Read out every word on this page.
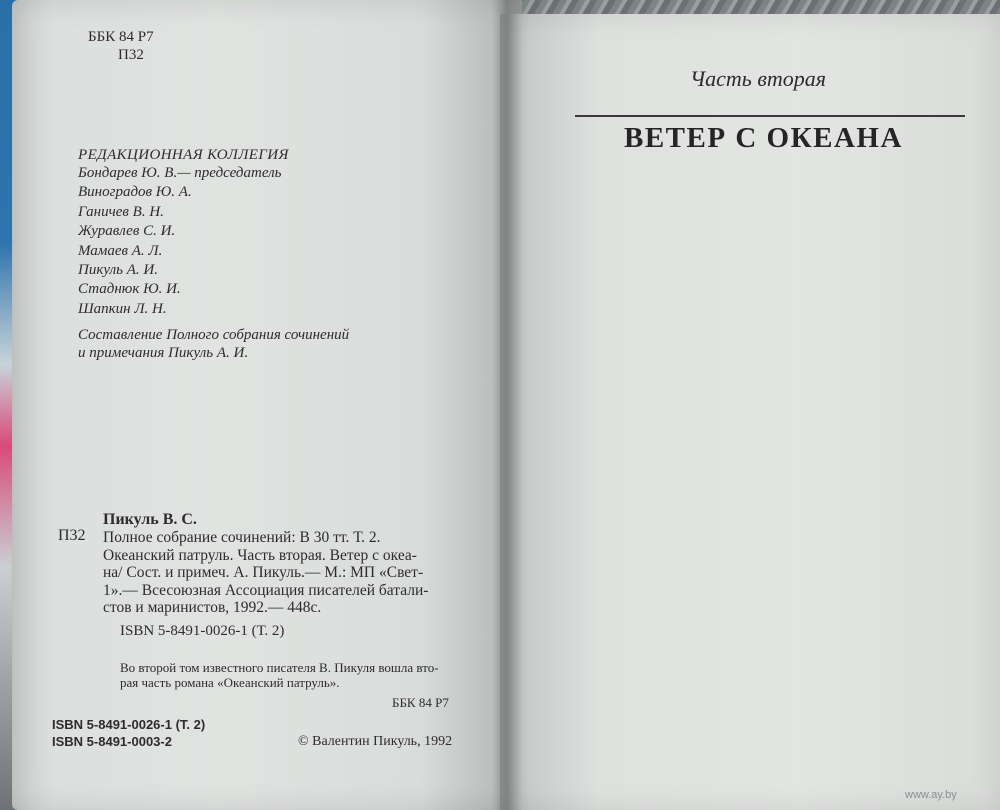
ББК 84 Р7
П32
РЕДАКЦИОННАЯ КОЛЛЕГИЯ
Бондарев Ю. В.— председатель
Виноградов Ю. А.
Ганичев В. Н.
Журавлев С. И.
Мамаев А. Л.
Пикуль А. И.
Стаднюк Ю. И.
Шапкин Л. Н.
Составление Полного собрания сочинений
и примечания Пикуль А. И.
Пикуль В. С.
П32 Полное собрание сочинений: В 30 тт. Т. 2.
Океанский патруль. Часть вторая. Ветер с океа-
на/ Сост. и примеч. А. Пикуль.— М.: МП «Свет-
1».— Всесоюзная Ассоциация писателей батали-
стов и маринистов, 1992.— 448с.
ISBN 5-8491-0026-1 (Т. 2)
Во второй том известного писателя В. Пикуля вошла вто-
рая часть романа «Океанский патруль».
ББК 84 Р7
ISBN 5-8491-0026-1 (Т. 2)
ISBN 5-8491-0003-2	© Валентин Пикуль, 1992
Часть вторая
ВЕТЕР С ОКЕАНА
www.ay.by
